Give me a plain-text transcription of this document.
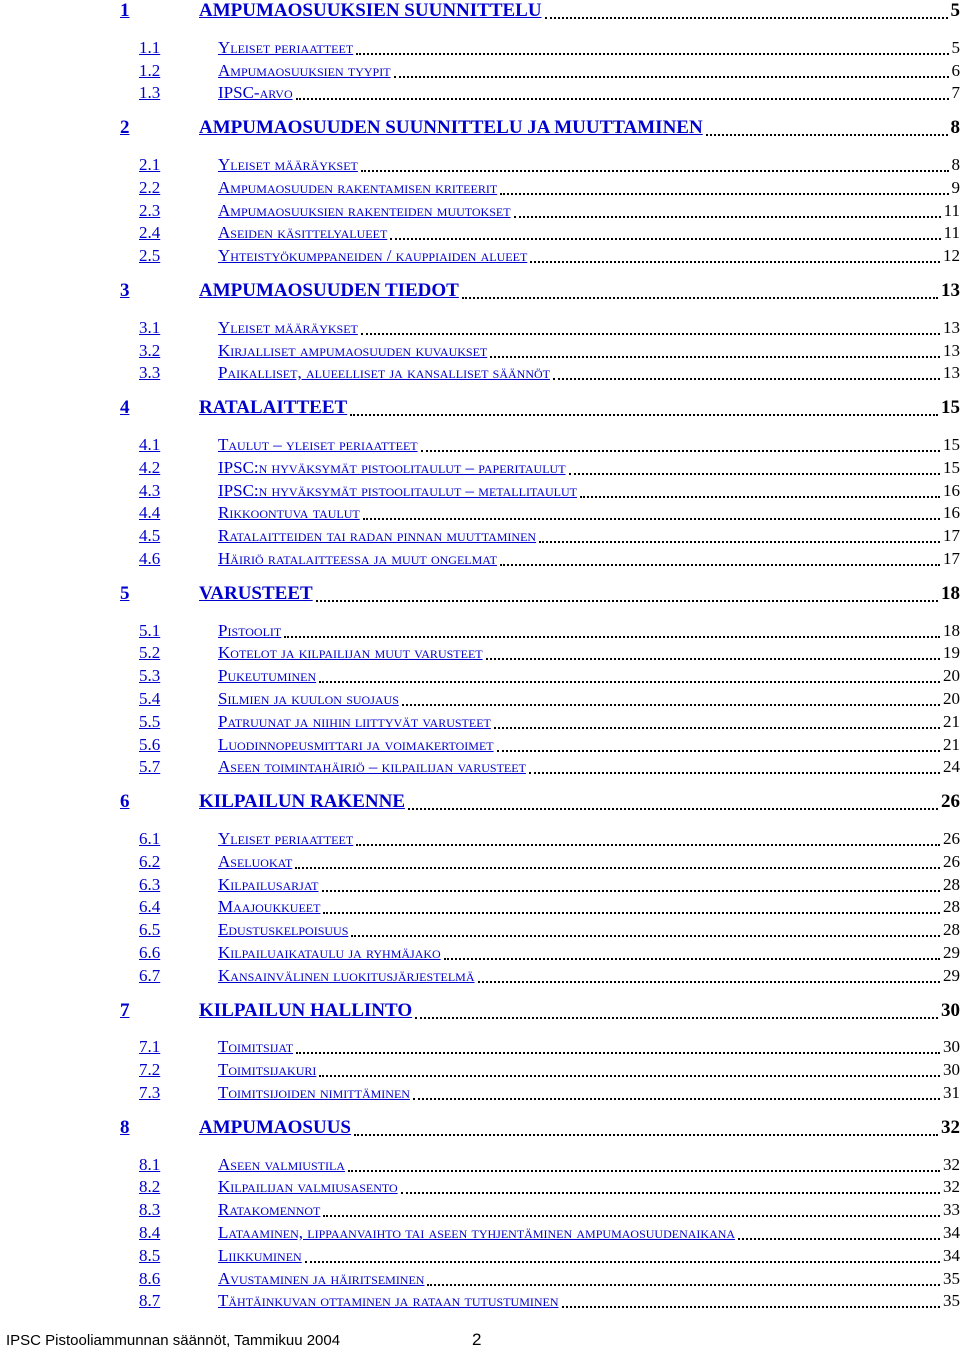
1	AMPUMAOSUUKSIEN SUUNNITTELU	5
1.1	Yleiset periaatteet	5
1.2	Ampumaosuuksien tyypit	6
1.3	IPSC-arvo	7
2	AMPUMAOSUUDEN SUUNNITTELU JA MUUTTAMINEN	8
2.1	Yleiset määräykset	8
2.2	Ampumaosuuden rakentamisen kriteerit	9
2.3	Ampumaosuuksien rakenteiden muutokset	11
2.4	Aseiden käsittelyalueet	11
2.5	Yhteistyökumppaneiden / kauppiaiden alueet	12
3	AMPUMAOSUUDEN TIEDOT	13
3.1	Yleiset määräykset	13
3.2	Kirjalliset ampumaosuuden kuvaukset	13
3.3	Paikalliset, alueelliset ja kansalliset säännöt	13
4	RATALAITTEET	15
4.1	Taulut – yleiset periaatteet	15
4.2	IPSC:n hyväksymät pistoolitaulut – paperitaulut	15
4.3	IPSC:n hyväksymät pistoolitaulut – metallitaulut	16
4.4	Rikkoontuva taulut	16
4.5	Ratalaitteiden tai radan pinnan muuttaminen	17
4.6	Häiriö ratalaitteessa ja muut ongelmat	17
5	VARUSTEET	18
5.1	Pistoolit	18
5.2	Kotelot ja kilpailijan muut varusteet	19
5.3	Pukeutuminen	20
5.4	Silmien ja kuulon suojaus	20
5.5	Patruunat ja niihin liittyvät varusteet	21
5.6	Luodinnopeusmittari ja voimakertoimet	21
5.7	Aseen toimintahäiriö – kilpailijan varusteet	24
6	KILPAILUN RAKENNE	26
6.1	Yleiset periaatteet	26
6.2	Aseluokat	26
6.3	Kilpailusarjat	28
6.4	Maajoukkueet	28
6.5	Edustuskelpoisuus	28
6.6	Kilpailuaikataulu ja ryhmäjako	29
6.7	Kansainvälinen luokitusjärjestelmä	29
7	KILPAILUN HALLINTO	30
7.1	Toimitsijat	30
7.2	Toimitsijakuri	30
7.3	Toimitsijoiden nimittäminen	31
8	AMPUMAOSUUS	32
8.1	Aseen valmiustila	32
8.2	Kilpailijan valmiusasento	32
8.3	Ratakomennot	33
8.4	Lataaminen, lippaanvaihto tai aseen tyhjentäminen ampumaosuudenaikana	34
8.5	Liikkuminen	34
8.6	Avustaminen ja häiritseminen	35
8.7	Tähtäinkuvan ottaminen ja rataan tutustuminen	35
IPSC Pistooliammunnan säännöt, Tammikuu 2004	2
